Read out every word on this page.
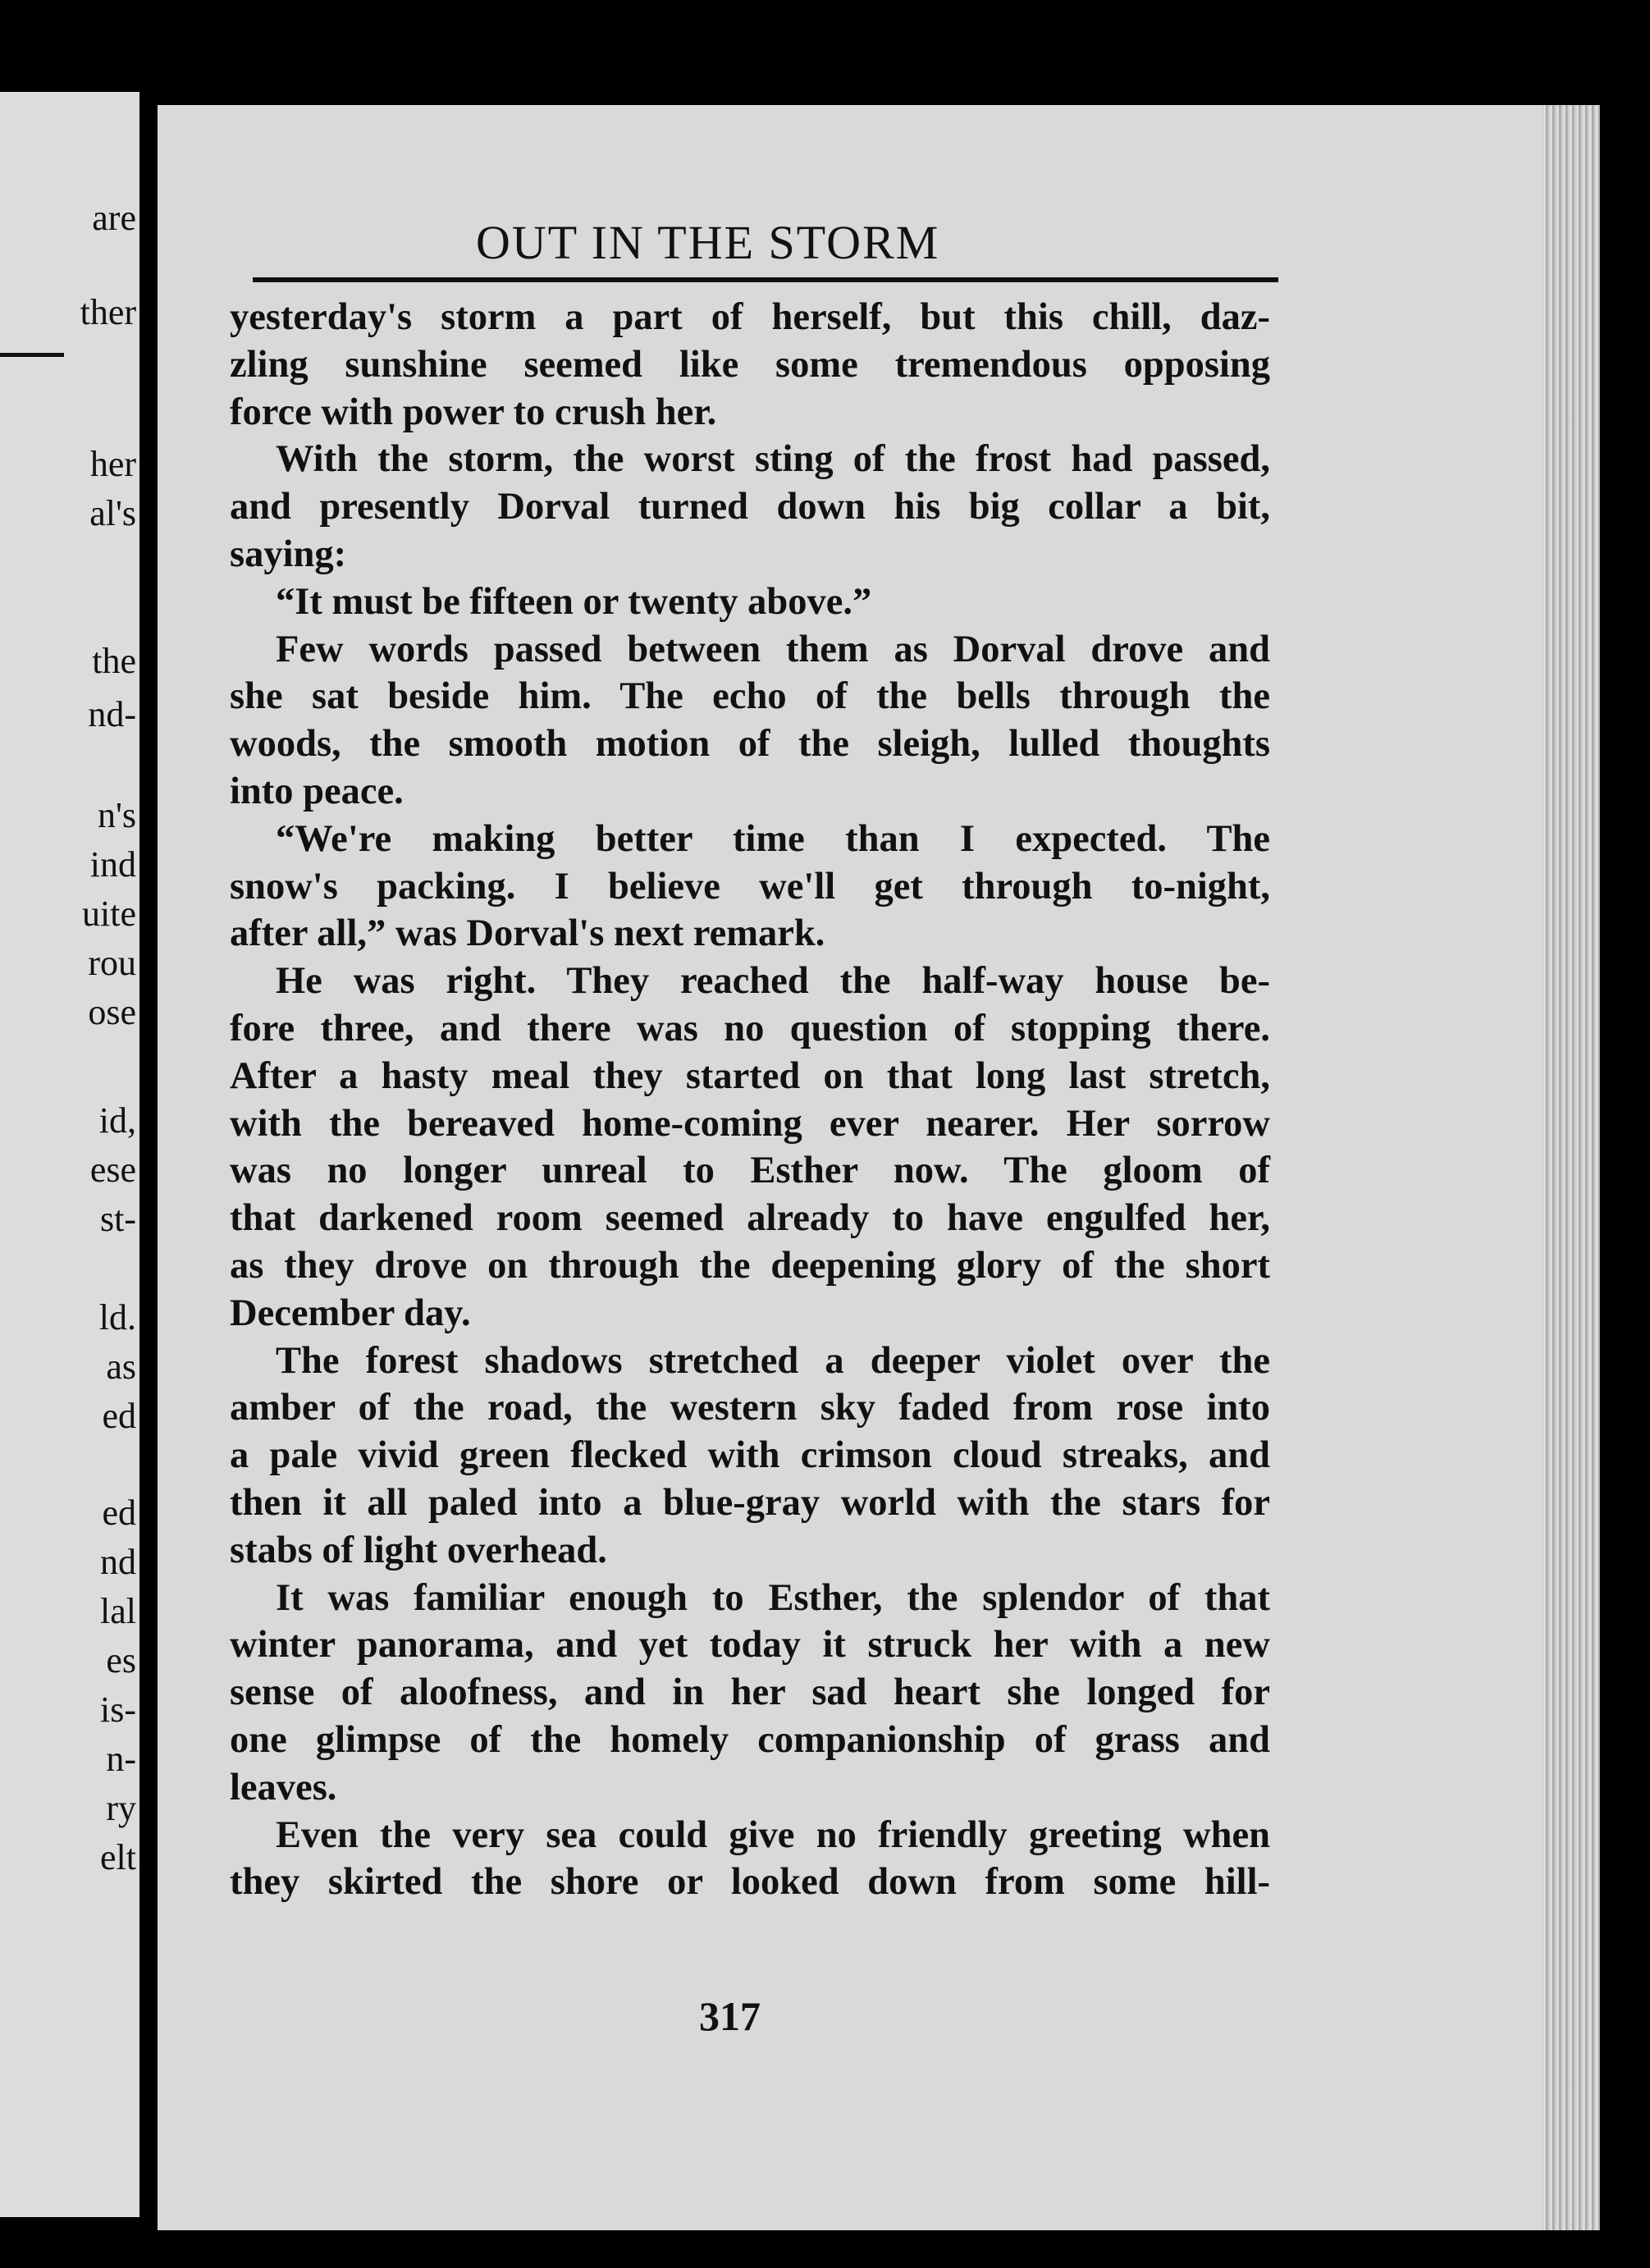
are
ther
her
al's
the
nd-
n's
ind
uite
rou
ose
id,
ese
st-
ld.
as
ed
ed
nd
lal
es
is-
n-
ry
elt
OUT IN THE STORM
yesterday's storm a part of herself, but this chill, daz-
zling sunshine seemed like some tremendous opposing
force with power to crush her.
With the storm, the worst sting of the frost had passed,
and presently Dorval turned down his big collar a bit,
saying:
“It must be fifteen or twenty above.”
Few words passed between them as Dorval drove and
she sat beside him. The echo of the bells through the
woods, the smooth motion of the sleigh, lulled thoughts
into peace.
“We're making better time than I expected. The
snow's packing. I believe we'll get through to-night,
after all,” was Dorval's next remark.
He was right. They reached the half-way house be-
fore three, and there was no question of stopping there.
After a hasty meal they started on that long last stretch,
with the bereaved home-coming ever nearer. Her sorrow
was no longer unreal to Esther now. The gloom of
that darkened room seemed already to have engulfed her,
as they drove on through the deepening glory of the short
December day.
The forest shadows stretched a deeper violet over the
amber of the road, the western sky faded from rose into
a pale vivid green flecked with crimson cloud streaks, and
then it all paled into a blue-gray world with the stars for
stabs of light overhead.
It was familiar enough to Esther, the splendor of that
winter panorama, and yet today it struck her with a new
sense of aloofness, and in her sad heart she longed for
one glimpse of the homely companionship of grass and
leaves.
Even the very sea could give no friendly greeting when
they skirted the shore or looked down from some hill-
317
